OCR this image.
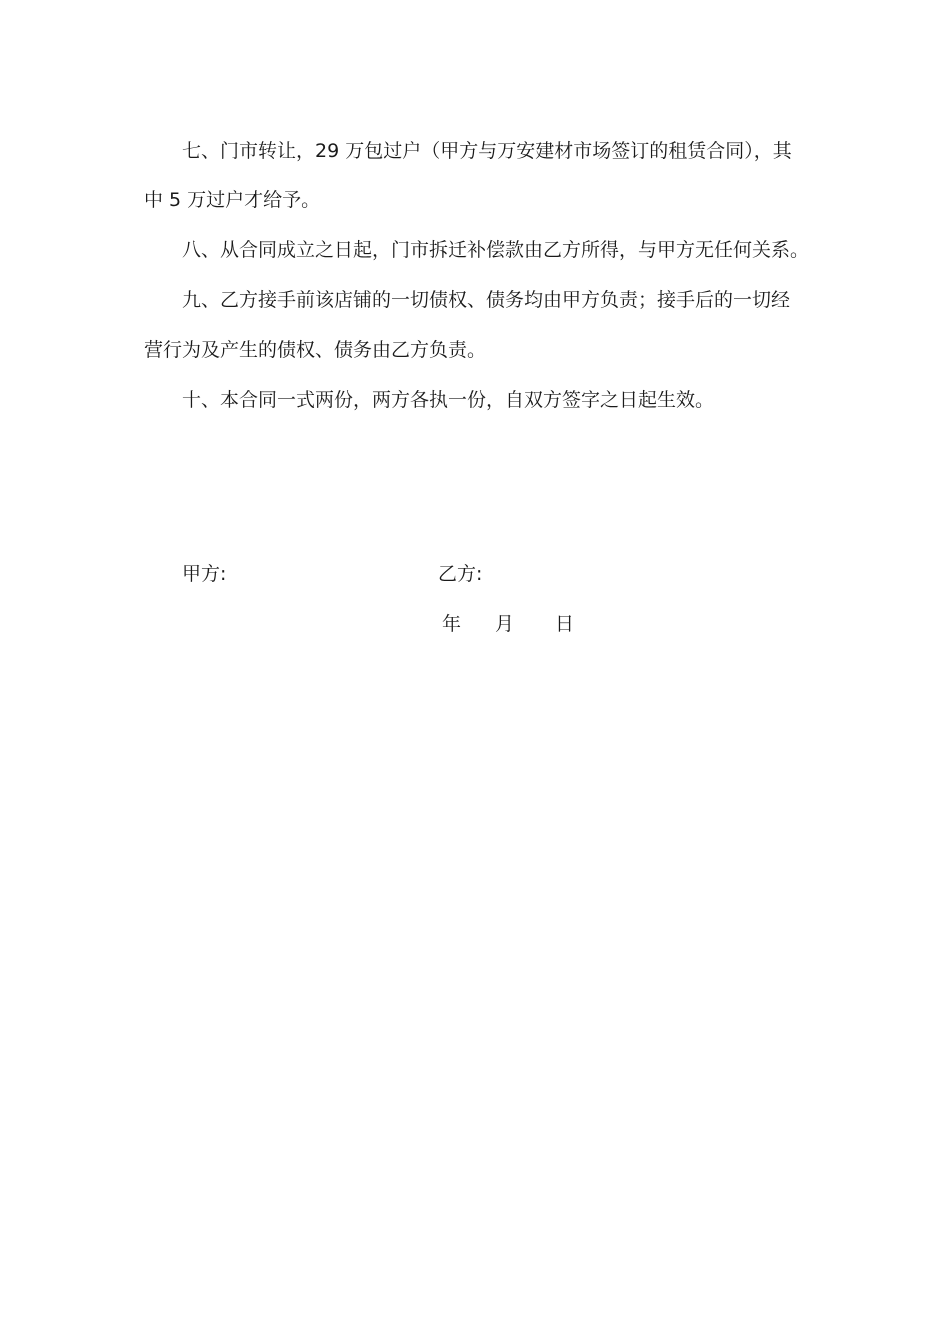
七、门市转让，29 万包过户（甲方与万安建材市场签订的租赁合同），其
中 5 万过户才给予。
八、从合同成立之日起，门市拆迁补偿款由乙方所得，与甲方无任何关系。
九、乙方接手前该店铺的一切债权、债务均由甲方负责；接手后的一切经
营行为及产生的债权、债务由乙方负责。
十、本合同一式两份，两方各执一份，自双方签字之日起生效。
甲方:	乙方:
年 月 日
